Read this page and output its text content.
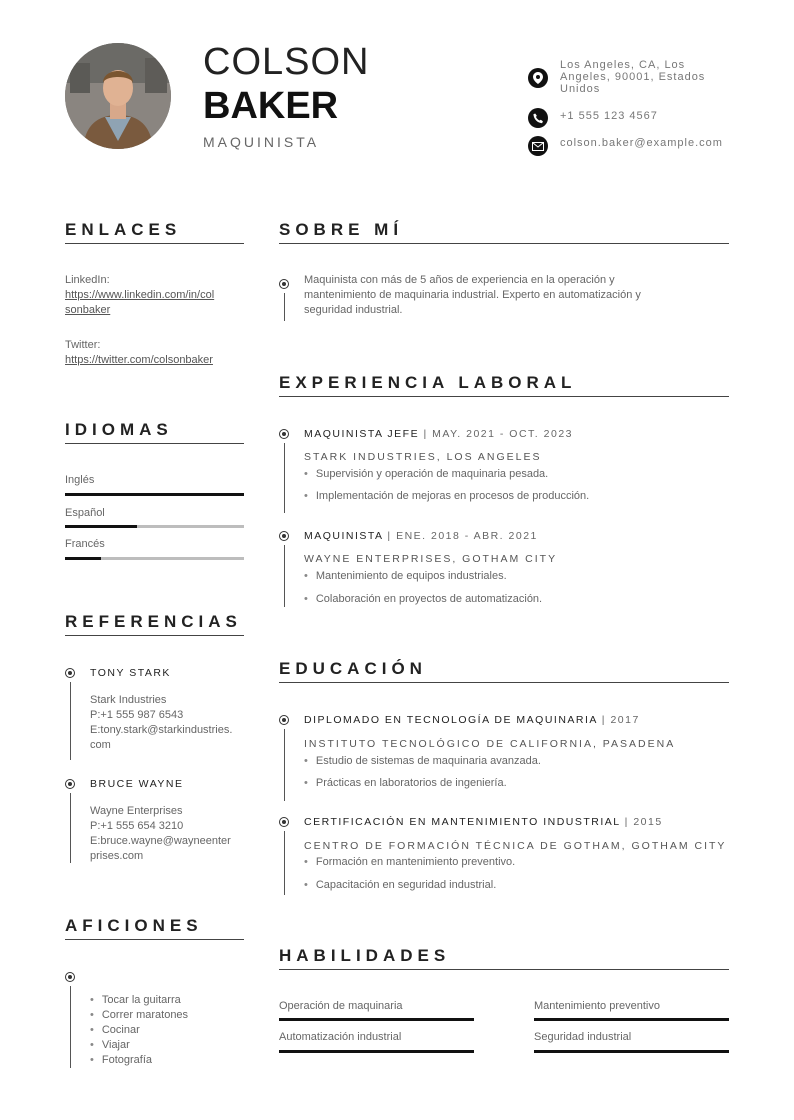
COLSON
BAKER
MAQUINISTA
Los Angeles, CA, Los
Angeles, 90001, Estados
Unidos
+1 555 123 4567
colson.baker@example.com
ENLACES
LinkedIn:
https://www.linkedin.com/in/col
sonbaker
Twitter:
https://twitter.com/colsonbaker
IDIOMAS
Inglés
Español
Francés
REFERENCIAS
TONY STARK
Stark Industries
P:+1 555 987 6543
E:tony.stark@starkindustries.
com
BRUCE WAYNE
Wayne Enterprises
P:+1 555 654 3210
E:bruce.wayne@wayneenter
prises.com
AFICIONES
• Tocar la guitarra
• Correr maratones
• Cocinar
• Viajar
• Fotografía
SOBRE MÍ
Maquinista con más de 5 años de experiencia en la operación y
mantenimiento de maquinaria industrial. Experto en automatización y
seguridad industrial.
EXPERIENCIA LABORAL
MAQUINISTA JEFE | MAY. 2021 - OCT. 2023
STARK INDUSTRIES, LOS ANGELES
• Supervisión y operación de maquinaria pesada.
• Implementación de mejoras en procesos de producción.
MAQUINISTA | ENE. 2018 - ABR. 2021
WAYNE ENTERPRISES, GOTHAM CITY
• Mantenimiento de equipos industriales.
• Colaboración en proyectos de automatización.
EDUCACIÓN
DIPLOMADO EN TECNOLOGÍA DE MAQUINARIA | 2017
INSTITUTO TECNOLÓGICO DE CALIFORNIA, PASADENA
• Estudio de sistemas de maquinaria avanzada.
• Prácticas en laboratorios de ingeniería.
CERTIFICACIÓN EN MANTENIMIENTO INDUSTRIAL | 2015
CENTRO DE FORMACIÓN TÉCNICA DE GOTHAM, GOTHAM CITY
• Formación en mantenimiento preventivo.
• Capacitación en seguridad industrial.
HABILIDADES
Operación de maquinaria	Mantenimiento preventivo
Automatización industrial	Seguridad industrial
